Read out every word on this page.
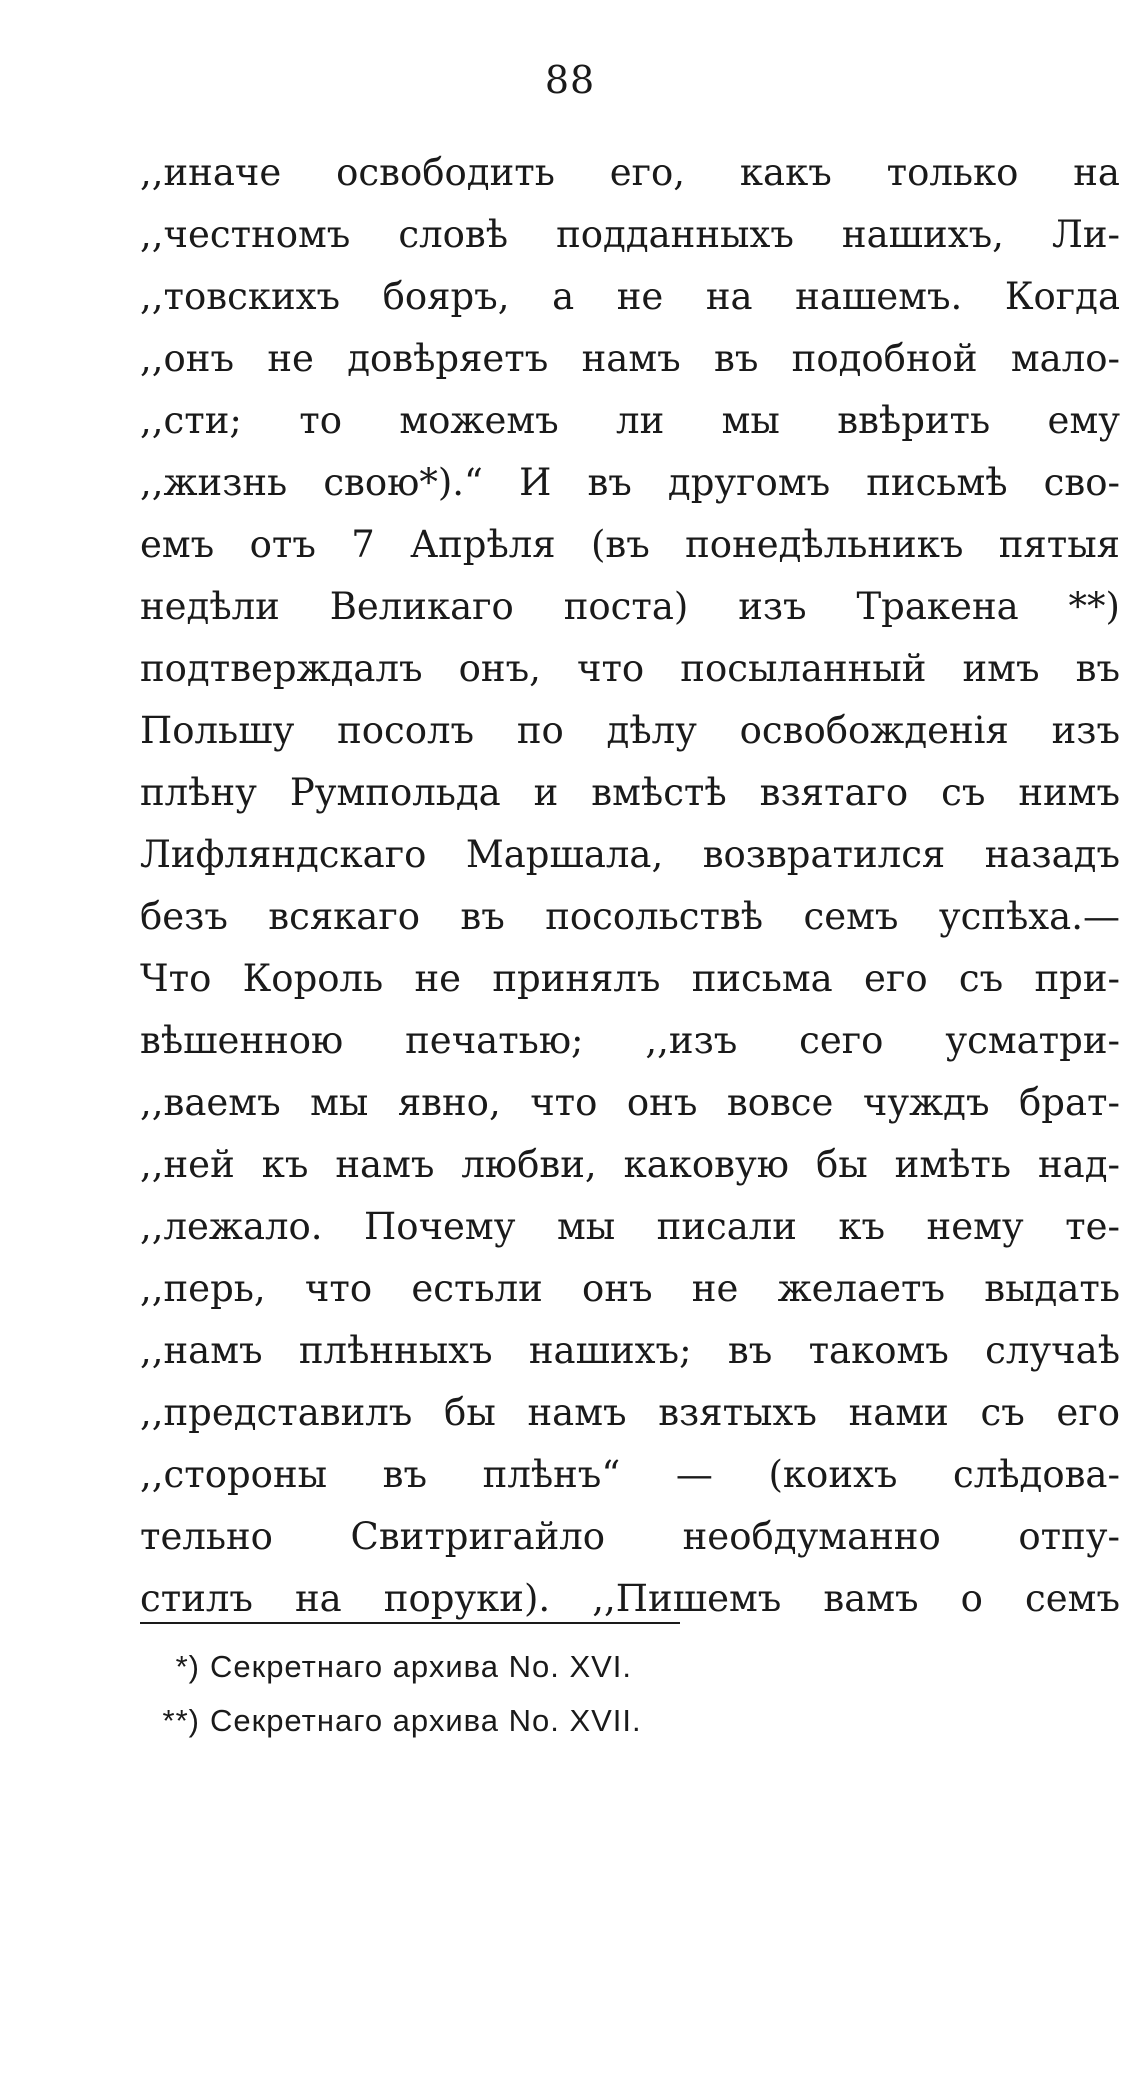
88
,,иначе освободить его, какъ только на
,,честномъ словѣ подданныхъ нашихъ, Ли-
,,товскихъ бояръ, а не на нашемъ. Когда
,,онъ не довѣряетъ намъ въ подобной мало-
,,сти; то можемъ ли мы ввѣрить ему
,,жизнь свою*).“ И въ другомъ письмѣ сво-
емъ отъ 7 Апрѣля (въ понедѣльникъ пятыя
недѣли Великаго поста) изъ Тракена **)
подтверждалъ онъ, что посыланный имъ въ
Польшу посолъ по дѣлу освобожденія изъ
плѣну Румпольда и вмѣстѣ взятаго съ нимъ
Лифляндскаго Маршала, возвратился назадъ
безъ всякаго въ посольствѣ семъ успѣха.—
Что Король не принялъ письма его съ при-
вѣшенною печатью; ,,изъ сего усматри-
,,ваемъ мы явно, что онъ вовсе чуждъ брат-
,,ней къ намъ любви, каковую бы имѣть над-
,,лежало. Почему мы писали къ нему те-
,,перь, что естьли онъ не желаетъ выдать
,,намъ плѣнныхъ нашихъ; въ такомъ случаѣ
,,представилъ бы намъ взятыхъ нами съ его
,,стороны въ плѣнъ“ — (коихъ слѣдова-
тельно Свитригайло необдуманно отпу-
стилъ на поруки). ,,Пишемъ вамъ о семъ
*) Секретнаго архива No. XVI.
**) Секретнаго архива No. XVII.
